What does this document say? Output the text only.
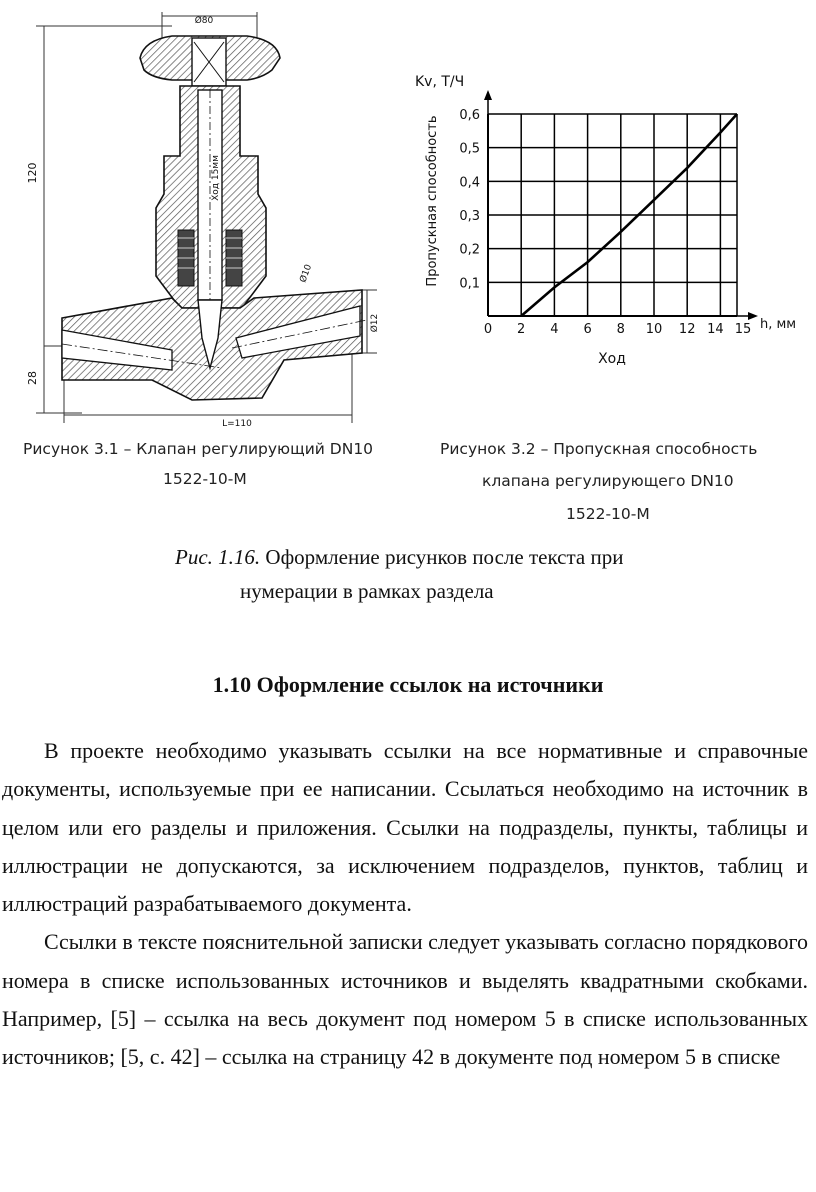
Ø80
120
28
L=110
Ø10
Ø12
Ход 15мм
Рисунок 3.1 – Клапан регулирующий DN10
1522-10-М
0 2 4 6 8 10 12 14 15
0,1
0,2
0,3
0,4
0,5
0,6
Kv, Т/Ч
Пропускная способность
h, мм
Ход
Рисунок 3.2 – Пропускная способность
клапана регулирующего DN10
1522-10-М
Рис. 1.16. Оформление рисунков после текста при
нумерации в рамках раздела
1.10 Оформление ссылок на источники

В проекте необходимо указывать ссылки на все нормативные и справочные документы, используемые при ее написании. Ссылаться необходимо на источник в целом или его разделы и приложения. Ссылки на подразделы, пункты, таблицы и иллюстрации не допускаются, за исключением подразделов, пунктов, таблиц и иллюстраций разрабатываемого документа.

Ссылки в тексте пояснительной записки следует указывать согласно порядкового номера в списке использованных источников и выделять квадратными скобками. Например, [5] – ссылка на весь документ под номером 5 в списке использованных источников; [5, с. 42] – ссылка на страницу 42 в документе под номером 5 в списке
